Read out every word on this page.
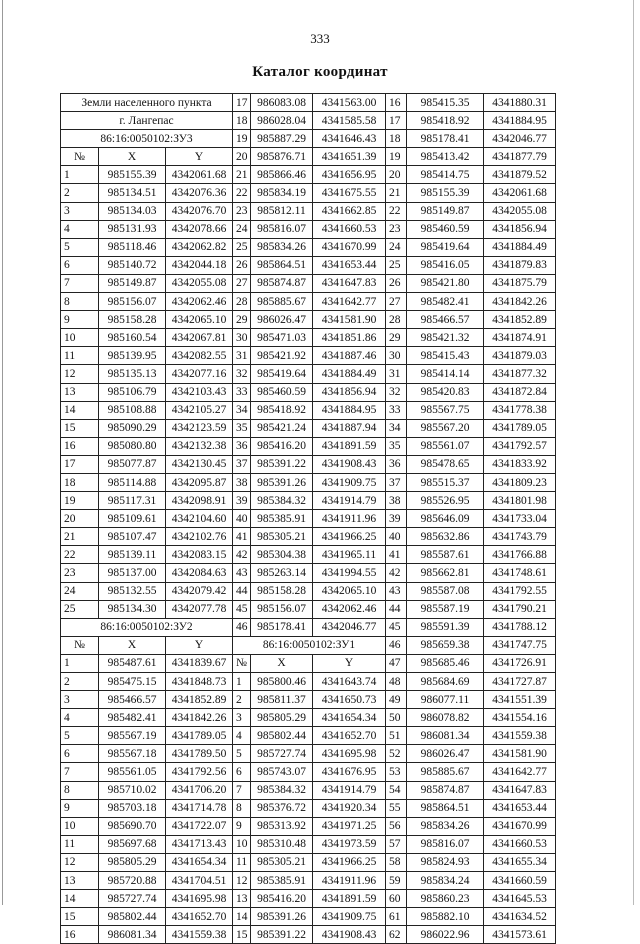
333
Каталог координат
Земли населенного пункта			17	986083.08	4341563.00	16	985415.35	4341880.31
г. Лангепас			18	986028.04	4341585.58	17	985418.92	4341884.95
86:16:0050102:ЗУ3			19	985887.29	4341646.43	18	985178.41	4342046.77
№	X	Y	20	985876.71	4341651.39	19	985413.42	4341877.79
1	985155.39	4342061.68	21	985866.46	4341656.95	20	985414.75	4341879.52
2	985134.51	4342076.36	22	985834.19	4341675.55	21	985155.39	4342061.68
3	985134.03	4342076.70	23	985812.11	4341662.85	22	985149.87	4342055.08
4	985131.93	4342078.66	24	985816.07	4341660.53	23	985460.59	4341856.94
5	985118.46	4342062.82	25	985834.26	4341670.99	24	985419.64	4341884.49
6	985140.72	4342044.18	26	985864.51	4341653.44	25	985416.05	4341879.83
7	985149.87	4342055.08	27	985874.87	4341647.83	26	985421.80	4341875.79
8	985156.07	4342062.46	28	985885.67	4341642.77	27	985482.41	4341842.26
9	985158.28	4342065.10	29	986026.47	4341581.90	28	985466.57	4341852.89
10	985160.54	4342067.81	30	985471.03	4341851.86	29	985421.32	4341874.91
11	985139.95	4342082.55	31	985421.92	4341887.46	30	985415.43	4341879.03
12	985135.13	4342077.16	32	985419.64	4341884.49	31	985414.14	4341877.32
13	985106.79	4342103.43	33	985460.59	4341856.94	32	985420.83	4341872.84
14	985108.88	4342105.27	34	985418.92	4341884.95	33	985567.75	4341778.38
15	985090.29	4342123.59	35	985421.24	4341887.94	34	985567.20	4341789.05
16	985080.80	4342132.38	36	985416.20	4341891.59	35	985561.07	4341792.57
17	985077.87	4342130.45	37	985391.22	4341908.43	36	985478.65	4341833.92
18	985114.88	4342095.87	38	985391.26	4341909.75	37	985515.37	4341809.23
19	985117.31	4342098.91	39	985384.32	4341914.79	38	985526.95	4341801.98
20	985109.61	4342104.60	40	985385.91	4341911.96	39	985646.09	4341733.04
21	985107.47	4342102.76	41	985305.21	4341966.25	40	985632.86	4341743.79
22	985139.11	4342083.15	42	985304.38	4341965.11	41	985587.61	4341766.88
23	985137.00	4342084.63	43	985263.14	4341994.55	42	985662.81	4341748.61
24	985132.55	4342079.42	44	985158.28	4342065.10	43	985587.08	4341792.55
25	985134.30	4342077.78	45	985156.07	4342062.46	44	985587.19	4341790.21
86:16:0050102:ЗУ2			46	985178.41	4342046.77	45	985591.39	4341788.12
№	X	Y	86:16:0050102:ЗУ1			46	985659.38	4341747.75
1	985487.61	4341839.67	№	X	Y	47	985685.46	4341726.91
2	985475.15	4341848.73	1	985800.46	4341643.74	48	985684.69	4341727.87
3	985466.57	4341852.89	2	985811.37	4341650.73	49	986077.11	4341551.39
4	985482.41	4341842.26	3	985805.29	4341654.34	50	986078.82	4341554.16
5	985567.19	4341789.05	4	985802.44	4341652.70	51	986081.34	4341559.38
6	985567.18	4341789.50	5	985727.74	4341695.98	52	986026.47	4341581.90
7	985561.05	4341792.56	6	985743.07	4341676.95	53	985885.67	4341642.77
8	985710.02	4341706.20	7	985384.32	4341914.79	54	985874.87	4341647.83
9	985703.18	4341714.78	8	985376.72	4341920.34	55	985864.51	4341653.44
10	985690.70	4341722.07	9	985313.92	4341971.25	56	985834.26	4341670.99
11	985697.68	4341713.43	10	985310.48	4341973.59	57	985816.07	4341660.53
12	985805.29	4341654.34	11	985305.21	4341966.25	58	985824.93	4341655.34
13	985720.88	4341704.51	12	985385.91	4341911.96	59	985834.24	4341660.59
14	985727.74	4341695.98	13	985416.20	4341891.59	60	985860.23	4341645.53
15	985802.44	4341652.70	14	985391.26	4341909.75	61	985882.10	4341634.52
16	986081.34	4341559.38	15	985391.22	4341908.43	62	986022.96	4341573.61
